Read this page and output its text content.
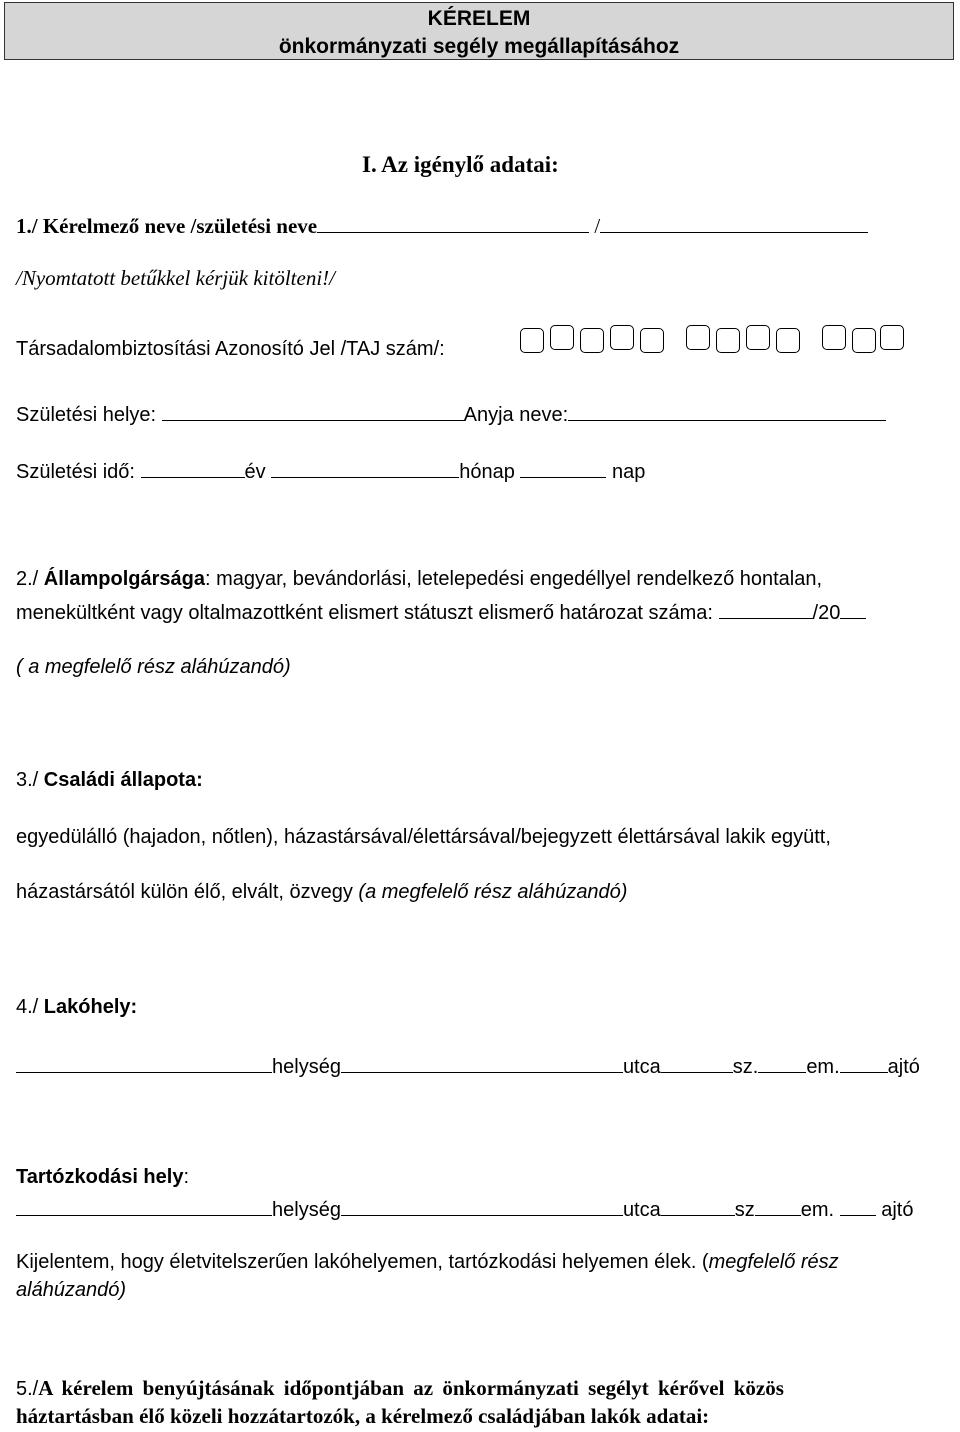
KÉRELEM
önkormányzati segély megállapításához
I. Az igénylő adatai:
1./ Kérelmező neve /születési neve	/
/Nyomtatott betűkkel kérjük kitölteni!/
Társadalombiztosítási Azonosító Jel /TAJ szám/:
Születési helye:	Anyja neve:
Születési idő:	év	hónap	nap
2./ Állampolgársága: magyar, bevándorlási, letelepedési engedéllyel rendelkező hontalan,
menekültként vagy oltalmazottként elismert státuszt elismerő határozat száma:	/20
( a megfelelő rész aláhúzandó)
3./ Családi állapota:
egyedülálló (hajadon, nőtlen), házastársával/élettársával/bejegyzett élettársával lakik együtt,
házastársától külön élő, elvált, özvegy (a megfelelő rész aláhúzandó)
4./ Lakóhely:
helység	utca	sz. em. ajtó
Tartózkodási hely:
helység	utca	sz em. ajtó
Kijelentem, hogy életvitelszerűen lakóhelyemen, tartózkodási helyemen élek. (megfelelő rész
aláhúzandó)
5./A kérelem benyújtásának időpontjában az önkormányzati segélyt kérővel közös
háztartásban élő közeli hozzátartozók, a kérelmező családjában lakók adatai:
